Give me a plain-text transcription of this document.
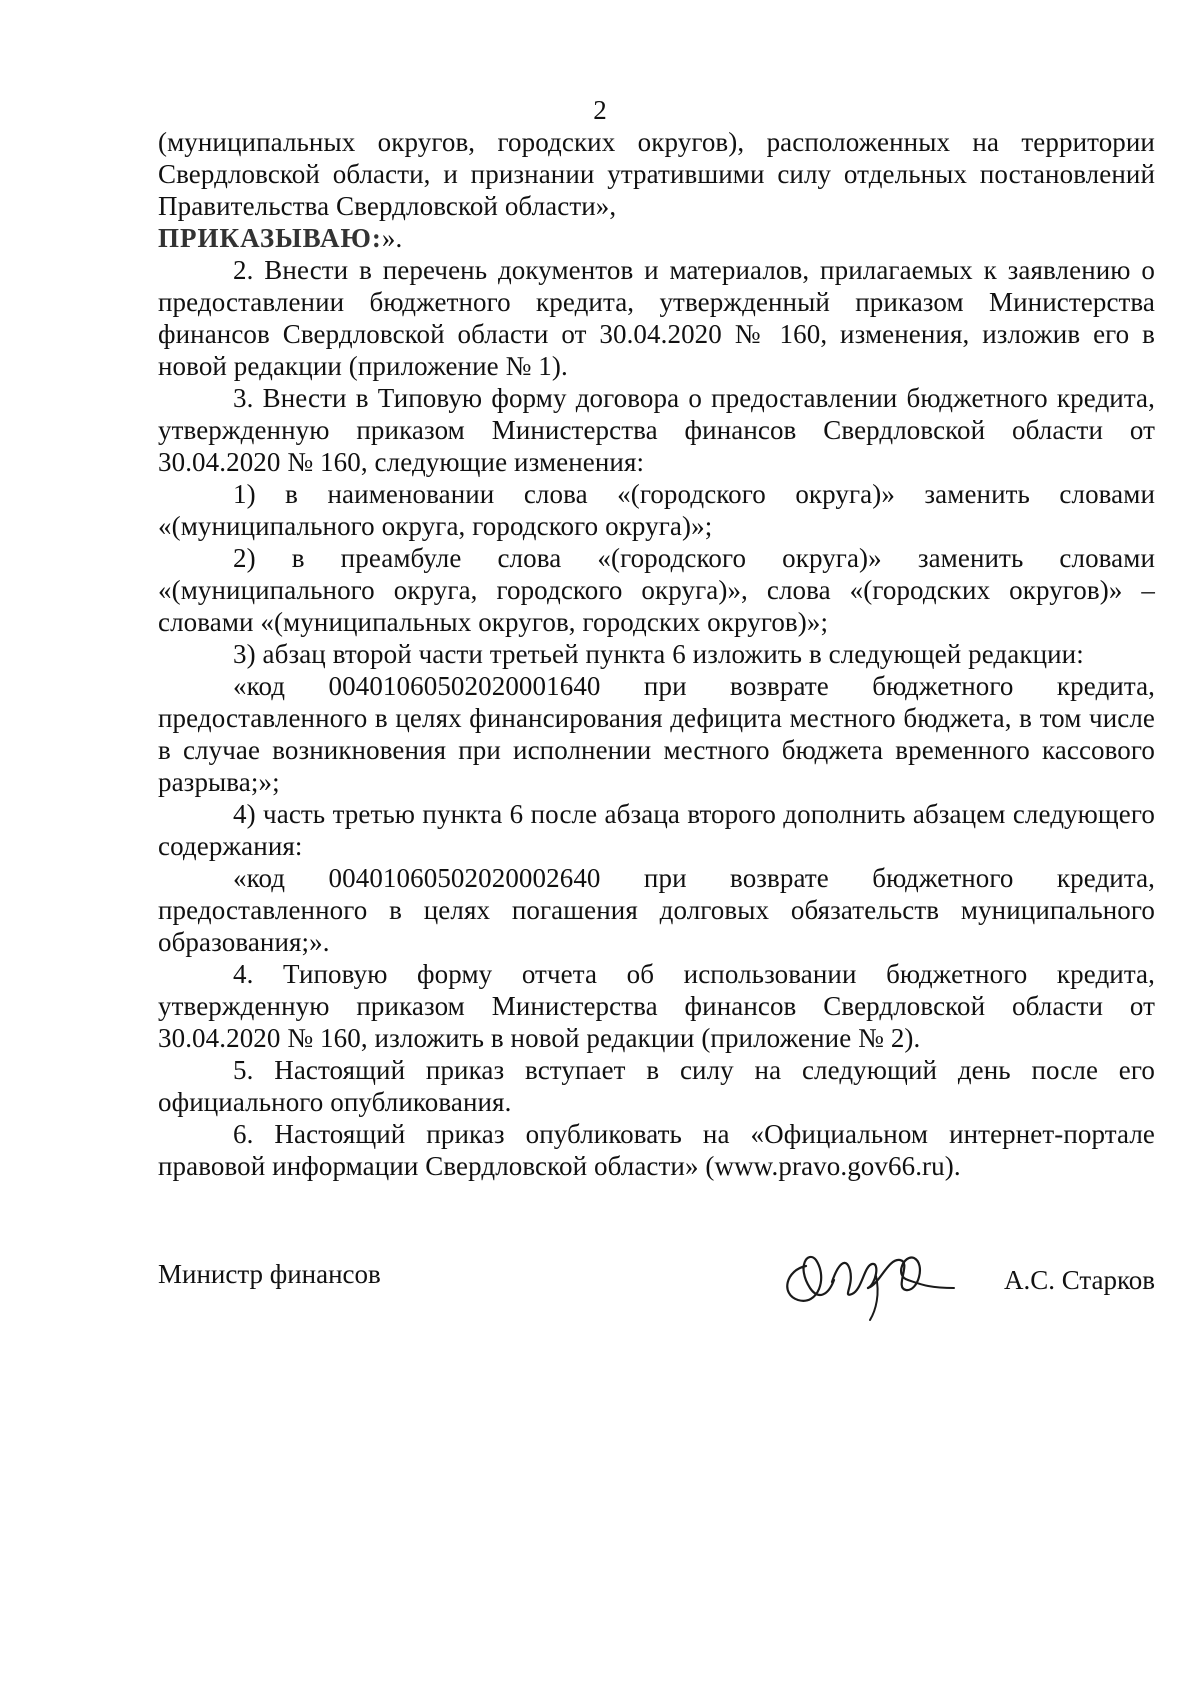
2

(муниципальных округов, городских округов), расположенных на территории Свердловской области, и признании утратившими силу отдельных постановлений Правительства Свердловской области»,

ПРИКАЗЫВАЮ:».

2. Внести в перечень документов и материалов, прилагаемых к заявлению о предоставлении бюджетного кредита, утвержденный приказом Министерства финансов Свердловской области от 30.04.2020 № 160, изменения, изложив его в новой редакции (приложение № 1).

3. Внести в Типовую форму договора о предоставлении бюджетного кредита, утвержденную приказом Министерства финансов Свердловской области от 30.04.2020 № 160, следующие изменения:

1) в наименовании слова «(городского округа)» заменить словами «(муниципального округа, городского округа)»;

2) в преамбуле слова «(городского округа)» заменить словами «(муниципального округа, городского округа)», слова «(городских округов)» – словами «(муниципальных округов, городских округов)»;

3) абзац второй части третьей пункта 6 изложить в следующей редакции:

«код 00401060502020001640 при возврате бюджетного кредита, предоставленного в целях финансирования дефицита местного бюджета, в том числе в случае возникновения при исполнении местного бюджета временного кассового разрыва;»;

4) часть третью пункта 6 после абзаца второго дополнить абзацем следующего содержания:

«код 00401060502020002640 при возврате бюджетного кредита, предоставленного в целях погашения долговых обязательств муниципального образования;».

4. Типовую форму отчета об использовании бюджетного кредита, утвержденную приказом Министерства финансов Свердловской области от 30.04.2020 № 160, изложить в новой редакции (приложение № 2).

5. Настоящий приказ вступает в силу на следующий день после его официального опубликования.

6. Настоящий приказ опубликовать на «Официальном интернет-портале правовой информации Свердловской области» (www.pravo.gov66.ru).

Министр финансов	А.С. Старков
